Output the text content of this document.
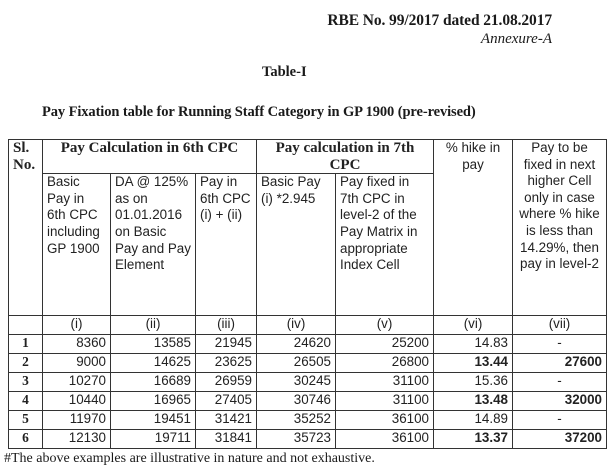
RBE No. 99/2017 dated 21.08.2017
Annexure-A
Table-I
Pay Fixation table for Running Staff Category in GP 1900 (pre-revised)
Sl. No.	Pay Calculation in 6th CPC			Pay calculation in 7th CPC		% hike in pay	Pay to be fixed in next higher Cell only in case where % hike is less than 14.29%, then pay in level-2
	Basic Pay in 6th CPC including GP 1900	DA @ 125% as on 01.01.2016 on Basic Pay and Pay Element	Pay in 6th CPC (i) + (ii)	Basic Pay (i) *2.945	Pay fixed in 7th CPC in level-2 of the Pay Matrix in appropriate Index Cell		
	(i)	(ii)	(iii)	(iv)	(v)	(vi)	(vii)
1	8360	13585	21945	24620	25200	14.83	-
2	9000	14625	23625	26505	26800	13.44	27600
3	10270	16689	26959	30245	31100	15.36	-
4	10440	16965	27405	30746	31100	13.48	32000
5	11970	19451	31421	35252	36100	14.89	-
6	12130	19711	31841	35723	36100	13.37	37200
#The above examples are illustrative in nature and not exhaustive.
